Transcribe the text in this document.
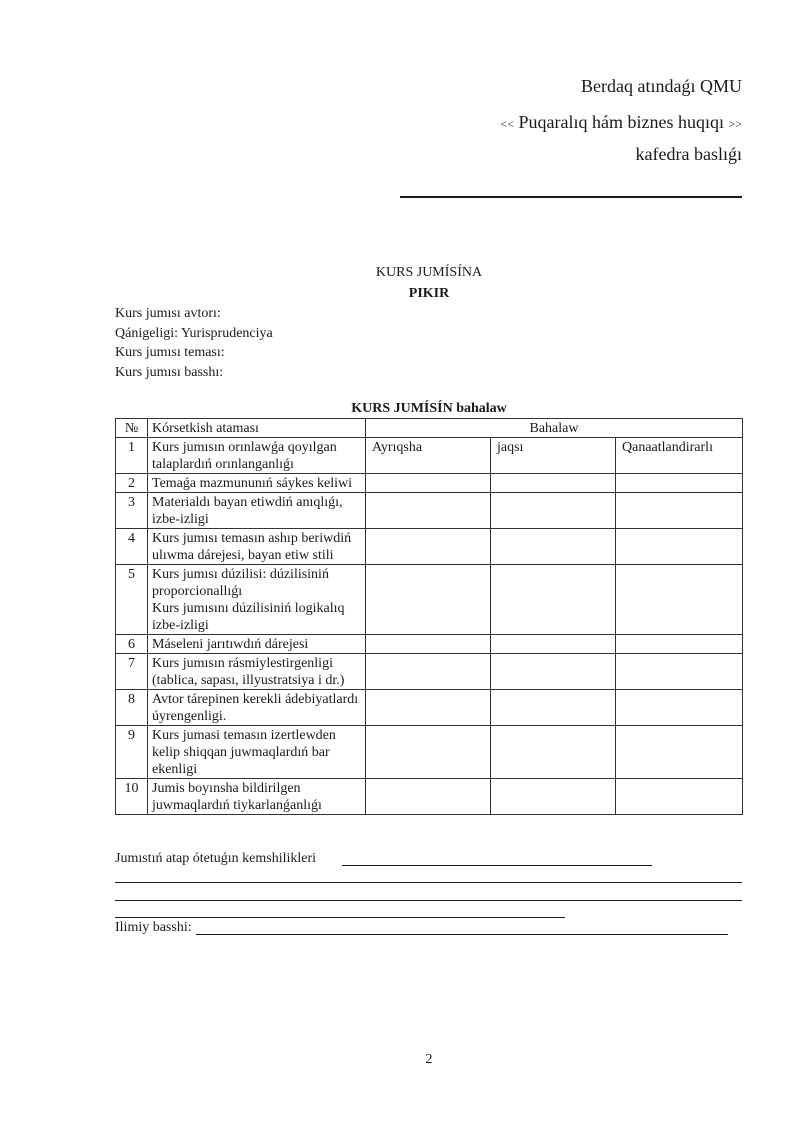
Berdaq atındaǵı QMU
<< Puqaralıq hám biznes huqıqı >>
kafedra baslıǵı
KURS JUMÍSÍNA
PIKIR
Kurs jumısı avtorı:
Qánigeligi: Yurisprudenciya
Kurs jumısı teması:
Kurs jumısı basshı:
KURS JUMÍSÍN bahalaw
№	Kórsetkish ataması	Bahalaw		
1	Kurs jumısın orınlawǵa qoyılgan talaplardıń orınlanganlıǵı	Ayrıqsha	jaqsı	Qanaatlandirarlı
2	Temaǵa mazmununıń sáykes keliwi			
3	Materialdı bayan etiwdiń anıqlıǵı, izbe-izligi			
4	Kurs jumısı temasın ashıp beriwdiń ulıwma dárejesi, bayan etiw stili			
5	Kurs jumısı dúzilisi: dúzilisiniń proporcionallıǵı
Kurs jumısını dúzilisiniń logikalıq izbe-izligi			
6	Máseleni jarıtıwdıń dárejesi			
7	Kurs jumısın rásmiylestirgenligi (tablica, sapası, illyustratsiya i dr.)			
8	Avtor tárepinen kerekli ádebiyatlardı úyrengenligi.			
9	Kurs jumasi temasın izertlewden kelip shiqqan juwmaqlardıń bar ekenligi			
10	Jumis boyınsha bildirilgen juwmaqlardıń tiykarlanǵanlıǵı			
Jumıstıń atap ótetuǵın kemshilikleri
Ilimiy basshi:
2
